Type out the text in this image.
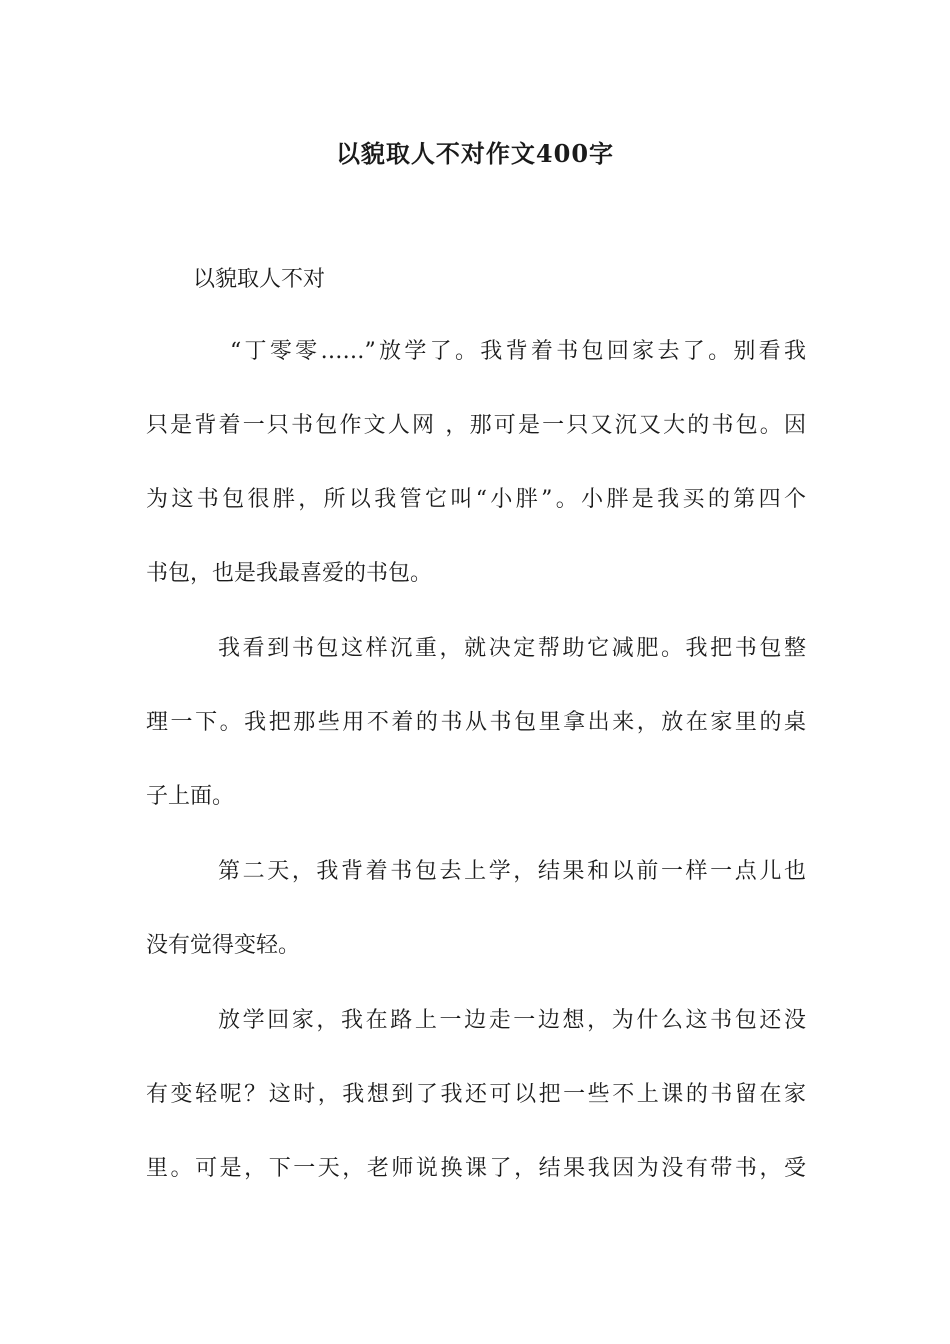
以貌取人不对作文400字

以貌取人不对

“丁零零……”放学了。我背着书包回家去了。别看我

只是背着一只书包作文人网 ，那可是一只又沉又大的书包。因

为这书包很胖，所以我管它叫“小胖”。小胖是我买的第四个

书包，也是我最喜爱的书包。

我看到书包这样沉重，就决定帮助它减肥。我把书包整

理一下。我把那些用不着的书从书包里拿出来，放在家里的桌

子上面。

第二天，我背着书包去上学，结果和以前一样一点儿也

没有觉得变轻。

放学回家，我在路上一边走一边想，为什么这书包还没

有变轻呢？这时，我想到了我还可以把一些不上课的书留在家

里。可是，下一天，老师说换课了，结果我因为没有带书，受
